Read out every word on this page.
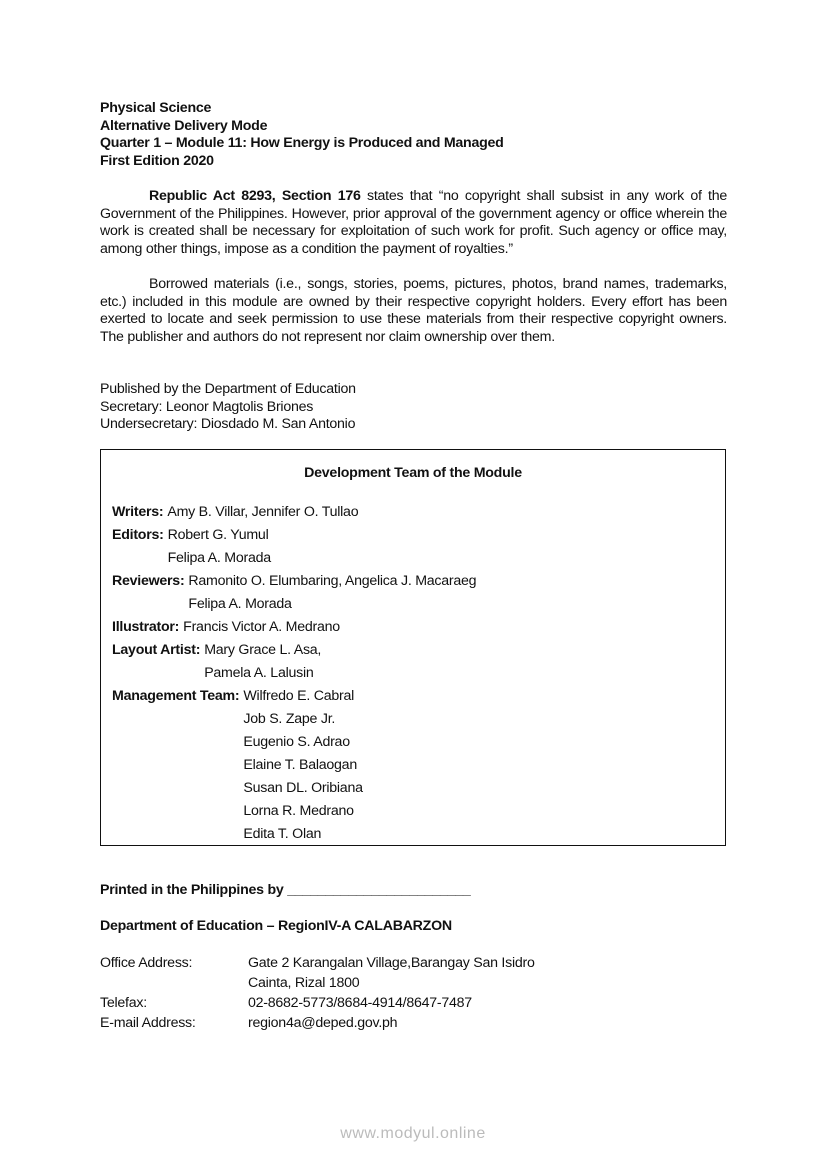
Physical Science
Alternative Delivery Mode
Quarter 1 – Module 11: How Energy is Produced and Managed
First Edition 2020

Republic Act 8293, Section 176 states that “no copyright shall subsist in any work of the Government of the Philippines. However, prior approval of the government agency or office wherein the work is created shall be necessary for exploitation of such work for profit. Such agency or office may, among other things, impose as a condition the payment of royalties.”

Borrowed materials (i.e., songs, stories, poems, pictures, photos, brand names, trademarks, etc.) included in this module are owned by their respective copyright holders. Every effort has been exerted to locate and seek permission to use these materials from their respective copyright owners. The publisher and authors do not represent nor claim ownership over them.

Published by the Department of Education
Secretary: Leonor Magtolis Briones
Undersecretary: Diosdado M. San Antonio
Development Team of the Module
Writers: Amy B. Villar, Jennifer O. Tullao
Editors: Robert G. Yumul
Felipa A. Morada
Reviewers: Ramonito O. Elumbaring, Angelica J. Macaraeg
Felipa A. Morada
Illustrator: Francis Victor A. Medrano
Layout Artist: Mary Grace L. Asa,
Pamela A. Lalusin
Management Team: Wilfredo E. Cabral
Job S. Zape Jr.
Eugenio S. Adrao
Elaine T. Balaogan
Susan DL. Oribiana
Lorna R. Medrano
Edita T. Olan
Printed in the Philippines by ________________________
Department of Education – RegionIV-A CALABARZON
Office Address:	Gate 2 Karangalan Village,Barangay San Isidro
Cainta, Rizal 1800
Telefax:	02-8682-5773/8684-4914/8647-7487
E-mail Address:	region4a@deped.gov.ph
www.modyul.online
